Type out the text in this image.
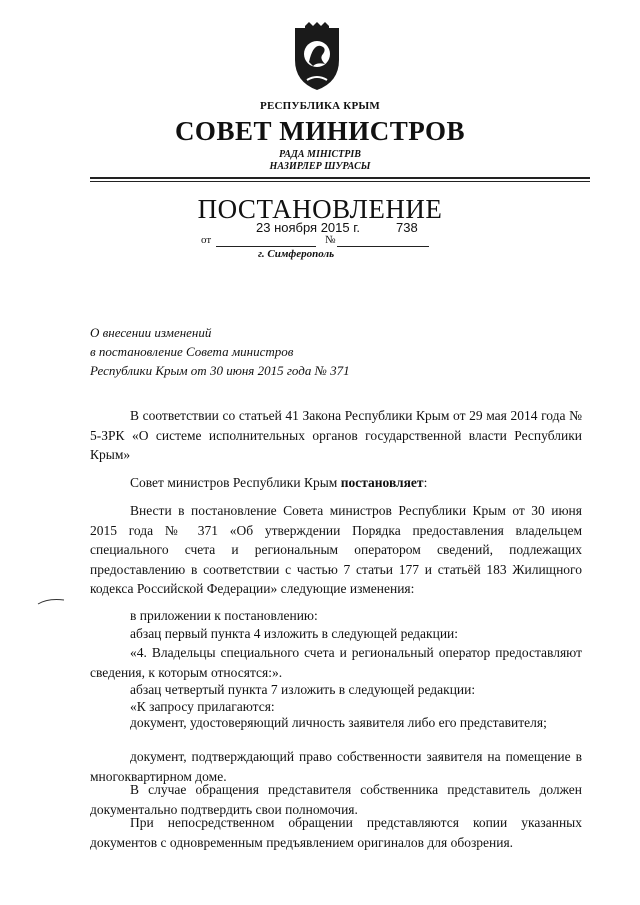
РЕСПУБЛИКА КРЫМ
СОВЕТ МИНИСТРОВ
РАДА МІНІСТРІВ
НАЗИРЛЕР ШУРАСЫ
ПОСТАНОВЛЕНИЕ
23 ноября 2015 г.	738
от	№
г. Симферополь
О внесении изменений
в постановление Совета министров
Республики Крым от 30 июня 2015 года № 371

В соответствии со статьей 41 Закона Республики Крым от 29 мая 2014 года № 5-ЗРК «О системе исполнительных органов государственной власти Республики Крым»

Совет министров Республики Крым постановляет:

Внести в постановление Совета министров Республики Крым от 30 июня 2015 года № 371 «Об утверждении Порядка предоставления владельцем специального счета и региональным оператором сведений, подлежащих предоставлению в соответствии с частью 7 статьи 177 и статьёй 183 Жилищного кодекса Российской Федерации» следующие изменения:

в приложении к постановлению:

абзац первый пункта 4 изложить в следующей редакции:

«4. Владельцы специального счета и региональный оператор предоставляют сведения, к которым относятся:».

абзац четвертый пункта 7 изложить в следующей редакции:

«К запросу прилагаются:

документ, удостоверяющий личность заявителя либо его представителя;

документ, подтверждающий право собственности заявителя на помещение в многоквартирном доме.

В случае обращения представителя собственника представитель должен документально подтвердить свои полномочия.

При непосредственном обращении представляются копии указанных документов с одновременным предъявлением оригиналов для обозрения.
